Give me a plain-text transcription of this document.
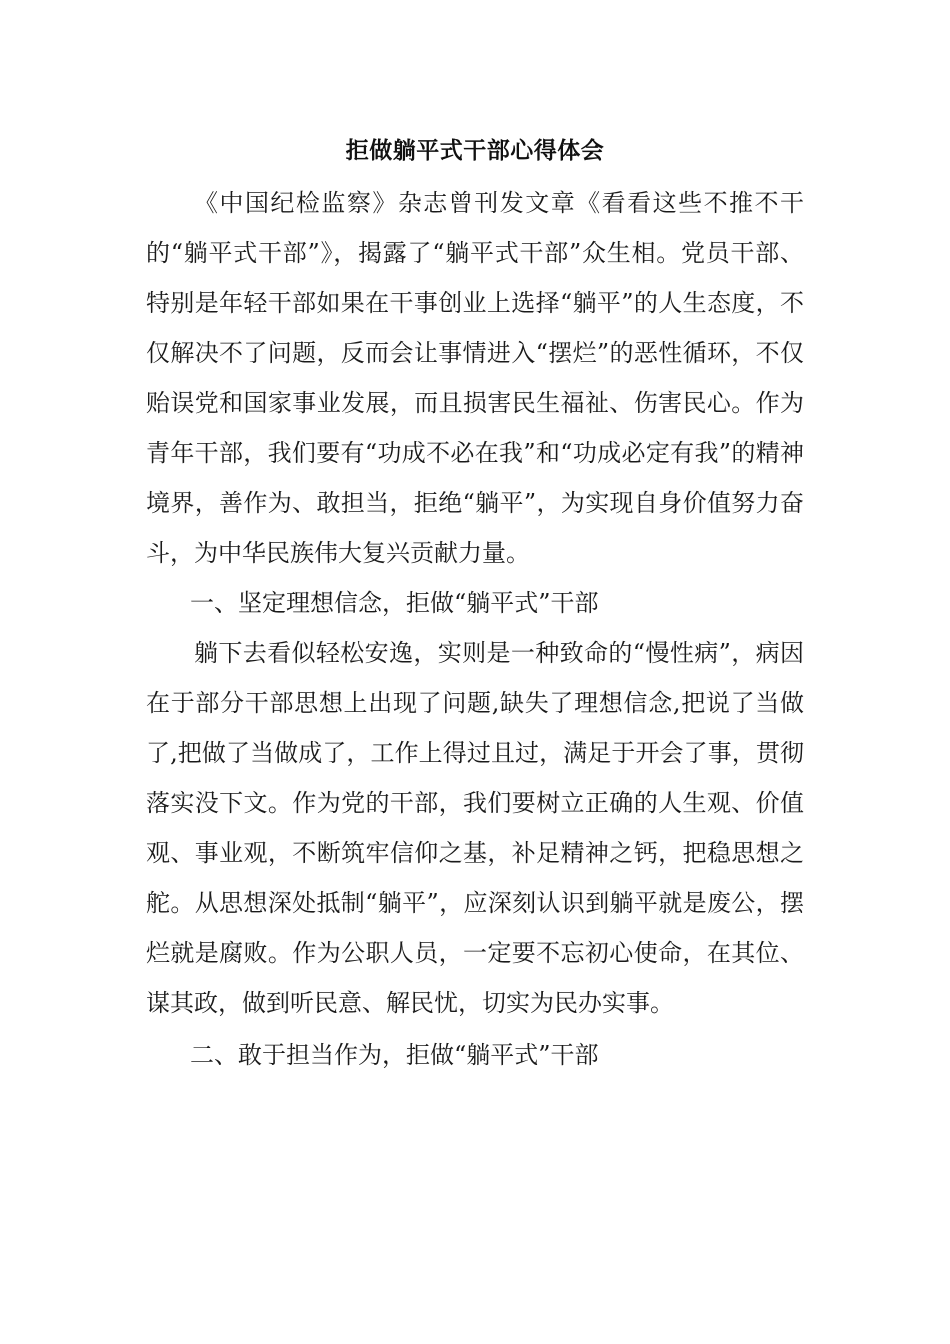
拒做躺平式干部心得体会

《中国纪检监察》杂志曾刊发文章《看看这些不推不干的“躺平式干部”》，揭露了“躺平式干部”众生相。党员干部、特别是年轻干部如果在干事创业上选择“躺平”的人生态度，不仅解决不了问题，反而会让事情进入“摆烂”的恶性循环，不仅贻误党和国家事业发展，而且损害民生福祉、伤害民心。作为青年干部，我们要有“功成不必在我”和“功成必定有我”的精神境界，善作为、敢担当，拒绝“躺平”，为实现自身价值努力奋斗，为中华民族伟大复兴贡献力量。

一、坚定理想信念，拒做“躺平式”干部

躺下去看似轻松安逸，实则是一种致命的“慢性病”，病因在于部分干部思想上出现了问题,缺失了理想信念,把说了当做了,把做了当做成了，工作上得过且过，满足于开会了事，贯彻落实没下文。作为党的干部，我们要树立正确的人生观、价值观、事业观，不断筑牢信仰之基，补足精神之钙，把稳思想之舵。从思想深处抵制“躺平”，应深刻认识到躺平就是废公，摆烂就是腐败。作为公职人员，一定要不忘初心使命，在其位、谋其政，做到听民意、解民忧，切实为民办实事。

二、敢于担当作为，拒做“躺平式”干部
